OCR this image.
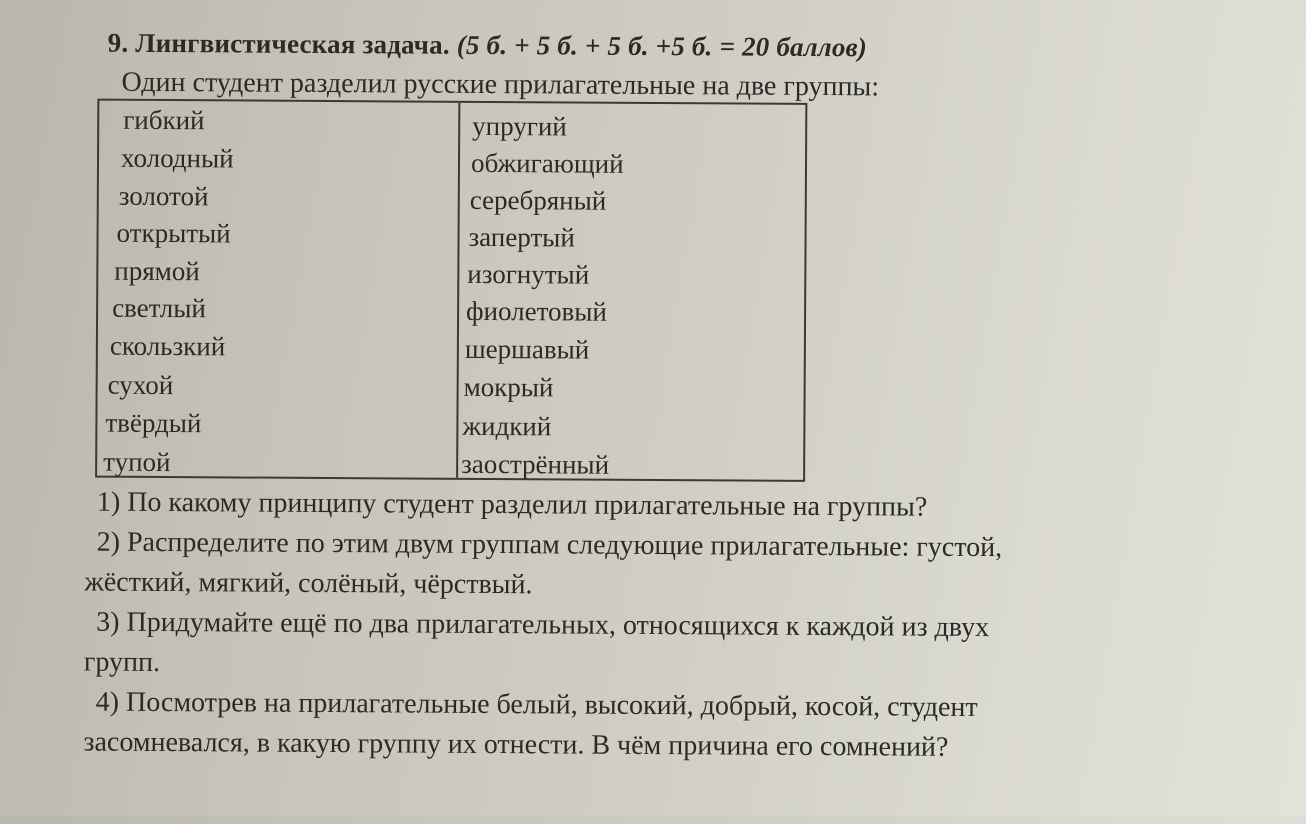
9. Лингвистическая задача. (5 б. + 5 б. + 5 б. +5 б. = 20 баллов)
Один студент разделил русские прилагательные на две группы:
гибкий
холодный
золотой
открытый
прямой
светлый
скользкий
сухой
твёрдый
тупой
упругий
обжигающий
серебряный
запертый
изогнутый
фиолетовый
шершавый
мокрый
жидкий
заострённый
1) По какому принципу студент разделил прилагательные на группы?
2) Распределите по этим двум группам следующие прилагательные: густой,
жёсткий, мягкий, солёный, чёрствый.
3) Придумайте ещё по два прилагательных, относящихся к каждой из двух
групп.
4) Посмотрев на прилагательные белый, высокий, добрый, косой, студент
засомневался, в какую группу их отнести. В чём причина его сомнений?
